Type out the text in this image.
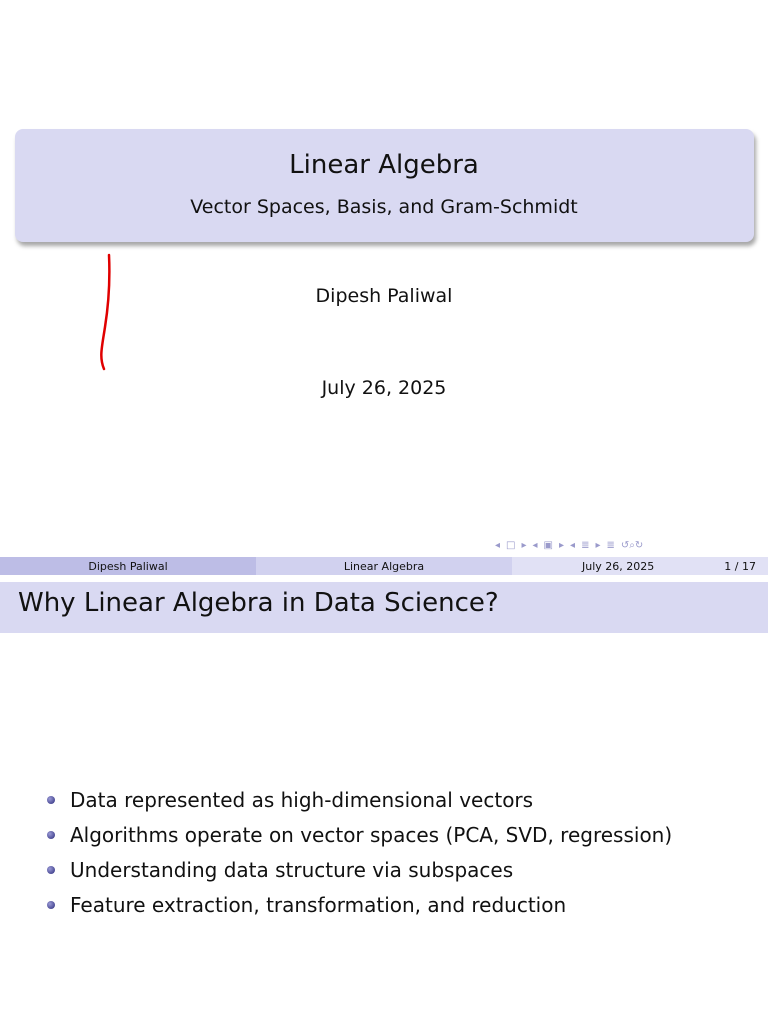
Linear Algebra
Vector Spaces, Basis, and Gram-Schmidt
Dipesh Paliwal
July 26, 2025
◂ □ ▸ ◂ ▣ ▸ ◂ ≣ ▸ ≣ ↺⌕↻
Dipesh Paliwal	Linear Algebra	July 26, 2025	1 / 17
Why Linear Algebra in Data Science?
Data represented as high-dimensional vectors
Algorithms operate on vector spaces (PCA, SVD, regression)
Understanding data structure via subspaces
Feature extraction, transformation, and reduction
